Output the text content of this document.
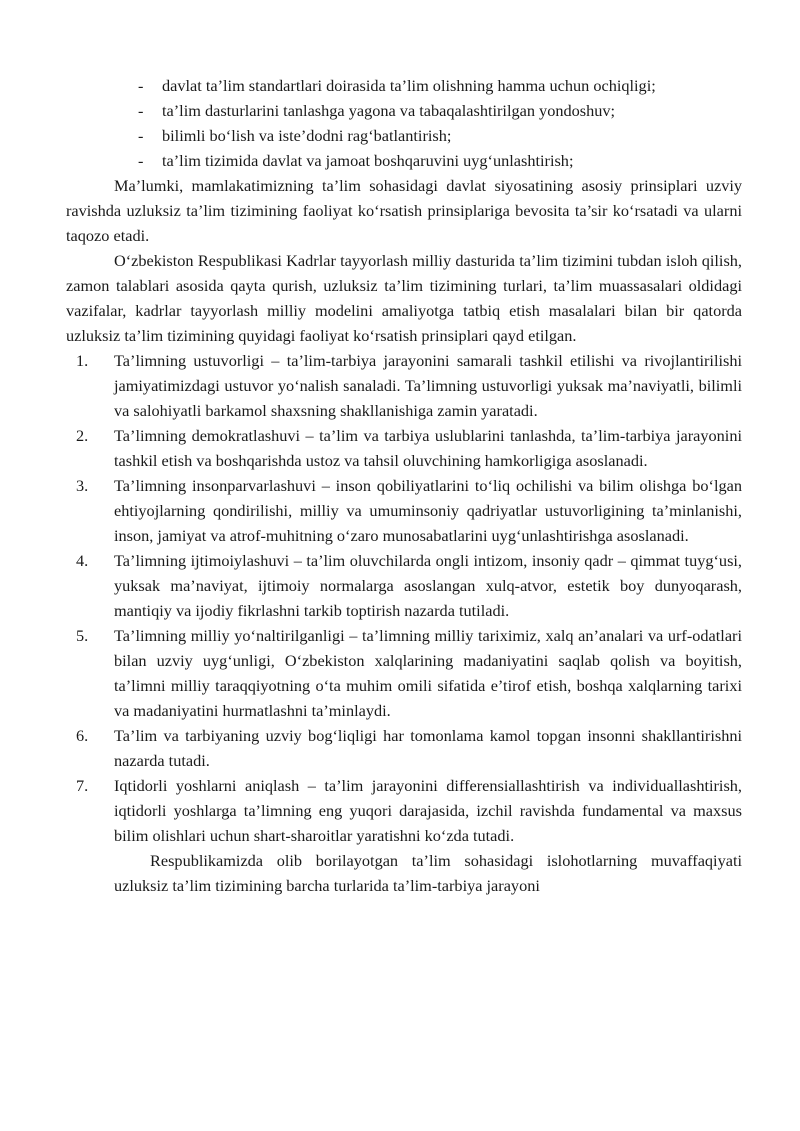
- davlat ta’lim standartlari doirasida ta’lim olishning hamma uchun ochiqligi;
- ta’lim dasturlarini tanlashga yagona va tabaqalashtirilgan yondoshuv;
- bilimli bo‘lish va iste’dodni rag‘batlantirish;
- ta’lim tizimida davlat va jamoat boshqaruvini uyg‘unlashtirish;

Ma’lumki, mamlakatimizning ta’lim sohasidagi davlat siyosatining asosiy prinsiplari uzviy ravishda uzluksiz ta’lim tizimining faoliyat ko‘rsatish prinsiplariga bevosita ta’sir ko‘rsatadi va ularni taqozo etadi.

O‘zbekiston Respublikasi Kadrlar tayyorlash milliy dasturida ta’lim tizimini tubdan isloh qilish, zamon talablari asosida qayta qurish, uzluksiz ta’lim tizimining turlari, ta’lim muassasalari oldidagi vazifalar, kadrlar tayyorlash milliy modelini amaliyotga tatbiq etish masalalari bilan bir qatorda uzluksiz ta’lim tizimining quyidagi faoliyat ko‘rsatish prinsiplari qayd etilgan.

1. Ta’limning ustuvorligi – ta’lim-tarbiya jarayonini samarali tashkil etilishi va rivojlantirilishi jamiyatimizdagi ustuvor yo‘nalish sanaladi. Ta’limning ustuvorligi yuksak ma’naviyatli, bilimli va salohiyatli barkamol shaxsning shakllanishiga zamin yaratadi.
2. Ta’limning demokratlashuvi – ta’lim va tarbiya uslublarini tanlashda, ta’lim-tarbiya jarayonini tashkil etish va boshqarishda ustoz va tahsil oluvchining hamkorligiga asoslanadi.
3. Ta’limning insonparvarlashuvi – inson qobiliyatlarini to‘liq ochilishi va bilim olishga bo‘lgan ehtiyojlarning qondirilishi, milliy va umuminsoniy qadriyatlar ustuvorligining ta’minlanishi, inson, jamiyat va atrof-muhitning o‘zaro munosabatlarini uyg‘unlashtirishga asoslanadi.
4. Ta’limning ijtimoiylashuvi – ta’lim oluvchilarda ongli intizom, insoniy qadr – qimmat tuyg‘usi, yuksak ma’naviyat, ijtimoiy normalarga asoslangan xulq-atvor, estetik boy dunyoqarash, mantiqiy va ijodiy fikrlashni tarkib toptirish nazarda tutiladi.
5. Ta’limning milliy yo‘naltirilganligi – ta’limning milliy tariximiz, xalq an’analari va urf-odatlari bilan uzviy uyg‘unligi, O‘zbekiston xalqlarining madaniyatini saqlab qolish va boyitish, ta’limni milliy taraqqiyotning o‘ta muhim omili sifatida e’tirof etish, boshqa xalqlarning tarixi va madaniyatini hurmatlashni ta’minlaydi.
6. Ta’lim va tarbiyaning uzviy bog‘liqligi har tomonlama kamol topgan insonni shakllantirishni nazarda tutadi.
7. Iqtidorli yoshlarni aniqlash – ta’lim jarayonini differensiallashtirish va individuallashtirish, iqtidorli yoshlarga ta’limning eng yuqori darajasida, izchil ravishda fundamental va maxsus bilim olishlari uchun shart-sharoitlar yaratishni ko‘zda tutadi.

Respublikamizda olib borilayotgan ta’lim sohasidagi islohotlarning muvaffaqiyati uzluksiz ta’lim tizimining barcha turlarida ta’lim-tarbiya jarayoni
